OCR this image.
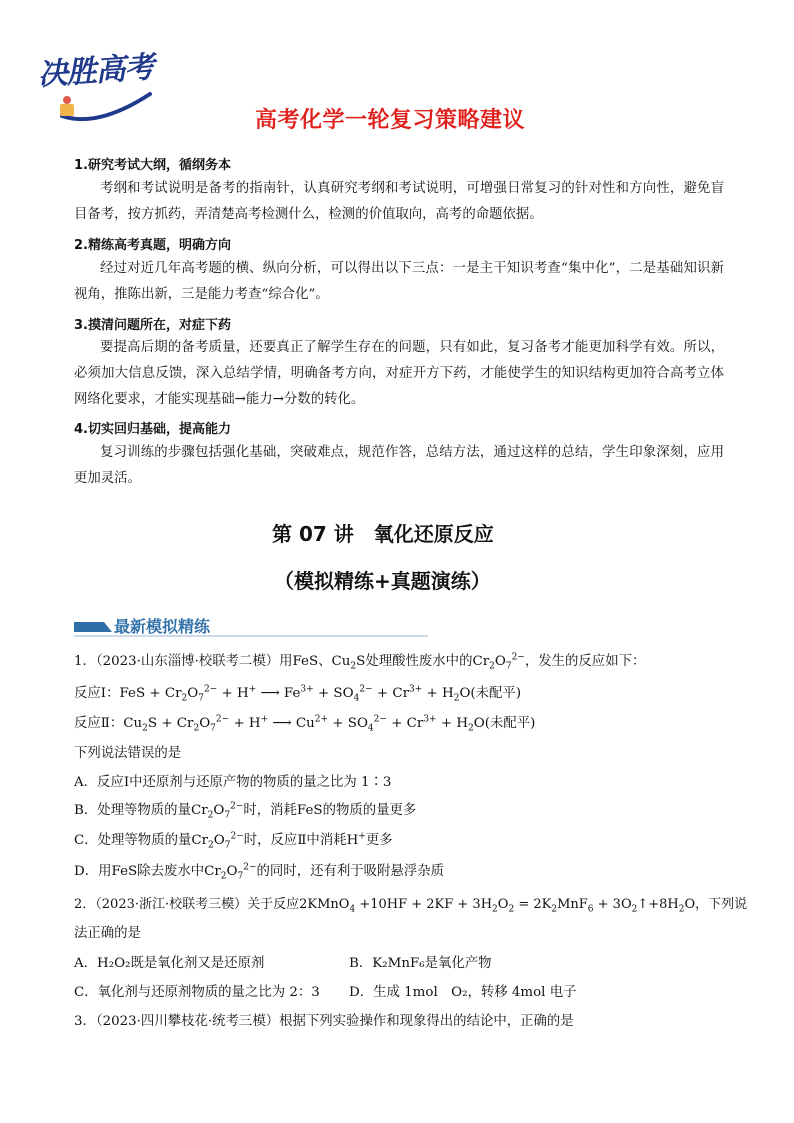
决胜高考
高考化学一轮复习策略建议
1.研究考试大纲，循纲务本
考纲和考试说明是备考的指南针，认真研究考纲和考试说明，可增强日常复习的针对性和方向性，避免盲目备考，按方抓药，弄清楚高考检测什么，检测的价值取向，高考的命题依据。
2.精练高考真题，明确方向
经过对近几年高考题的横、纵向分析，可以得出以下三点：一是主干知识考查“集中化”，二是基础知识新视角，推陈出新，三是能力考查“综合化”。
3.摸清问题所在，对症下药
要提高后期的备考质量，还要真正了解学生存在的问题，只有如此，复习备考才能更加科学有效。所以，必须加大信息反馈，深入总结学情，明确备考方向，对症开方下药，才能使学生的知识结构更加符合高考立体网络化要求，才能实现基础→能力→分数的转化。
4.切实回归基础，提高能力
复习训练的步骤包括强化基础，突破难点，规范作答，总结方法，通过这样的总结，学生印象深刻，应用更加灵活。
第 07 讲　氧化还原反应
（模拟精练+真题演练）
最新模拟精练
1．（2023·山东淄博·校联考二模）用FeS、$Cu_2S$处理酸性废水中的$Cr_2O_7^{2-}$，发生的反应如下：
反应Ⅰ：FeS + $Cr_2O_7^{2-} + H^+$ ⟶ $Fe^{3+} + SO_4^{2-} + Cr^{3+} + H_2O$(未配平)
反应Ⅱ：$Cu_2S + Cr_2O_7^{2-} + H^+$ ⟶ $Cu^{2+} + SO_4^{2-} + Cr^{3+} + H_2O$(未配平)
下列说法错误的是
A．反应Ⅰ中还原剂与还原产物的物质的量之比为 1∶3
B．处理等物质的量$Cr_2O_7^{2-}$时，消耗FeS的物质的量更多
C．处理等物质的量$Cr_2O_7^{2-}$时，反应Ⅱ中消耗H+更多
D．用FeS除去废水中$Cr_2O_7^{2-}$的同时，还有利于吸附悬浮杂质
2．（2023·浙江·校联考三模）关于反应2KMnO$_4$ $+10HF + 2KF + 3H_2O_2 = 2K_2MnF_6$ + $3O_2↑+8H_2O$，下列说
法正确的是
A．H₂O₂既是氧化剂又是还原剂	B．K₂MnF₆是氧化产物
C．氧化剂与还原剂物质的量之比为 2：3 D．生成 1mol　O₂，转移 4mol 电子
3．（2023·四川攀枝花·统考三模）根据下列实验操作和现象得出的结论中，正确的是
